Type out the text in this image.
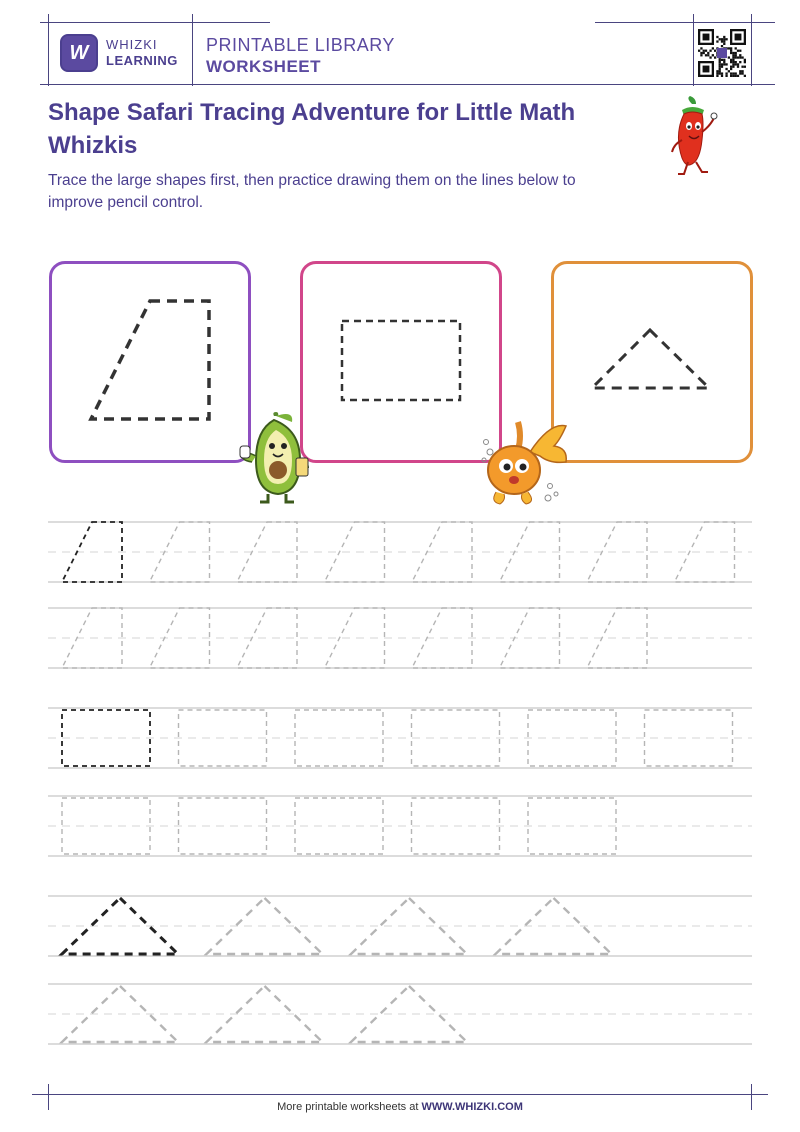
W WHIZKI
LEARNING
PRINTABLE LIBRARY
WORKSHEET
Shape Safari Tracing Adventure for Little Math Whizkis

Trace the large shapes first, then practice drawing them on the lines below to improve pencil control.

More printable worksheets at WWW.WHIZKI.COM
